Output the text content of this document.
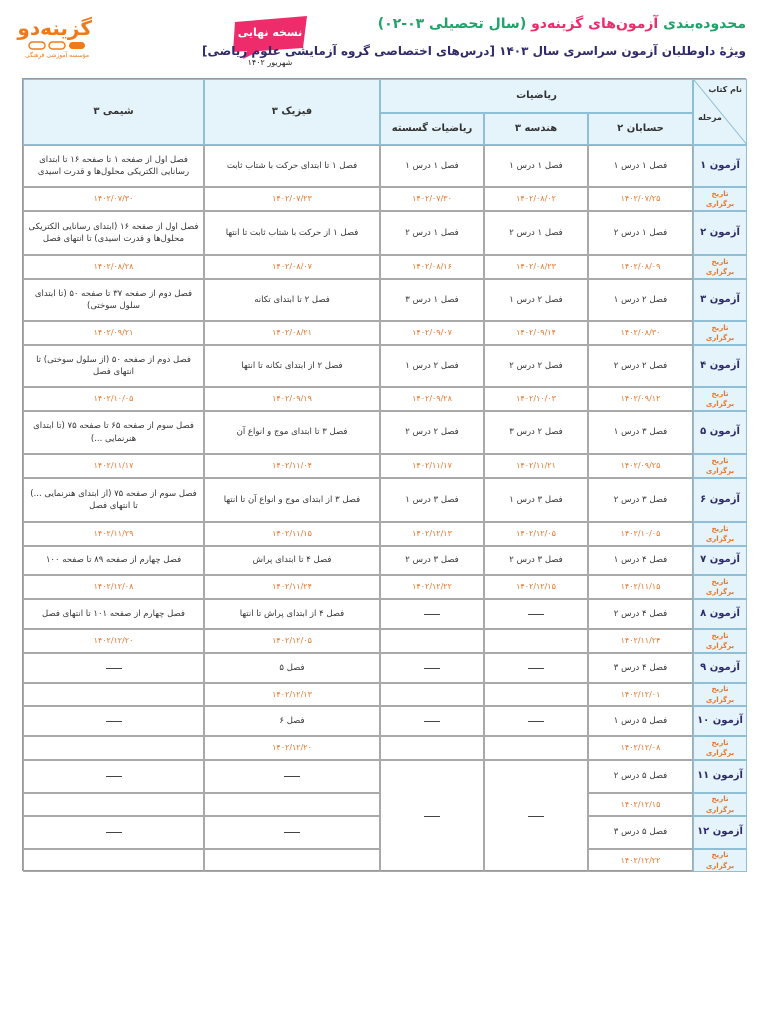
گزینه‌دو
مؤسسه آموزشی فرهنگی
نسخه نهایی
شهریور ۱۴۰۲
محدوده‌بندی آزمون‌های گزینه‌دو (سال تحصیلی ۰۳-۰۲)
ویژهٔ داوطلبان آزمون سراسری سال ۱۴۰۳ [درس‌های اختصاصی گروه آزمایشی علوم ریاضی]
نام کتاب
مرحله
ریاضیات
حسابان ۲
هندسه ۳
ریاضیات گسسته
فیزیک ۳
شیمی ۳
آزمون ۱
تاریخ برگزاری
فصل ۱ درس ۱
۱۴۰۲/۰۷/۲۵
فصل ۱ درس ۱
۱۴۰۲/۰۸/۰۲
فصل ۱ درس ۱
۱۴۰۲/۰۷/۳۰
فصل ۱ تا ابتدای حرکت با شتاب ثابت
۱۴۰۲/۰۷/۲۳
فصل اول از صفحه ۱ تا صفحه ۱۶ تا ابتدای رسانایی الکتریکی محلول‌ها و قدرت اسیدی
۱۴۰۲/۰۷/۳۰
آزمون ۲
تاریخ برگزاری
فصل ۱ درس ۲
۱۴۰۲/۰۸/۰۹
فصل ۱ درس ۲
۱۴۰۲/۰۸/۲۳
فصل ۱ درس ۲
۱۴۰۲/۰۸/۱۶
فصل ۱ از حرکت با شتاب ثابت تا انتها
۱۴۰۲/۰۸/۰۷
فصل اول از صفحه ۱۶ (ابتدای رسانایی الکتریکی محلول‌ها و قدرت اسیدی) تا انتهای فصل
۱۴۰۲/۰۸/۲۸
آزمون ۳
تاریخ برگزاری
فصل ۲ درس ۱
۱۴۰۲/۰۸/۳۰
فصل ۲ درس ۱
۱۴۰۲/۰۹/۱۴
فصل ۱ درس ۳
۱۴۰۲/۰۹/۰۷
فصل ۲ تا ابتدای تکانه
۱۴۰۲/۰۸/۲۱
فصل دوم از صفحه ۳۷ تا صفحه ۵۰ (تا ابتدای سلول سوختی)
۱۴۰۲/۰۹/۲۱
آزمون ۴
تاریخ برگزاری
فصل ۲ درس ۲
۱۴۰۲/۰۹/۱۲
فصل ۲ درس ۲
۱۴۰۲/۱۰/۰۳
فصل ۲ درس ۱
۱۴۰۲/۰۹/۲۸
فصل ۲ از ابتدای تکانه تا انتها
۱۴۰۲/۰۹/۱۹
فصل دوم از صفحه ۵۰ (از سلول سوختی) تا انتهای فصل
۱۴۰۲/۱۰/۰۵
آزمون ۵
تاریخ برگزاری
فصل ۳ درس ۱
۱۴۰۲/۰۹/۲۵
فصل ۲ درس ۳
۱۴۰۲/۱۱/۲۱
فصل ۲ درس ۲
۱۴۰۲/۱۱/۱۷
فصل ۳ تا ابتدای موج و انواع آن
۱۴۰۲/۱۱/۰۴
فصل سوم از صفحه ۶۵ تا صفحه ۷۵ (تا ابتدای هنرنمایی ...)
۱۴۰۲/۱۱/۱۷
آزمون ۶
تاریخ برگزاری
فصل ۳ درس ۲
۱۴۰۲/۱۰/۰۵
فصل ۳ درس ۱
۱۴۰۲/۱۲/۰۵
فصل ۳ درس ۱
۱۴۰۲/۱۲/۱۳
فصل ۳ از ابتدای موج و انواع آن تا انتها
۱۴۰۲/۱۱/۱۵
فصل سوم از صفحه ۷۵ (از ابتدای هنرنمایی ...) تا انتهای فصل
۱۴۰۲/۱۱/۲۹
آزمون ۷
تاریخ برگزاری
فصل ۴ درس ۱
۱۴۰۲/۱۱/۱۵
فصل ۳ درس ۲
۱۴۰۲/۱۲/۱۵
فصل ۳ درس ۲
۱۴۰۲/۱۲/۲۲
فصل ۴ تا ابتدای پراش
۱۴۰۲/۱۱/۲۴
فصل چهارم از صفحه ۸۹ تا صفحه ۱۰۰
۱۴۰۲/۱۲/۰۸
آزمون ۸
تاریخ برگزاری
فصل ۴ درس ۲
۱۴۰۲/۱۱/۲۴
فصل ۴ از ابتدای پراش تا انتها
۱۴۰۲/۱۲/۰۵
فصل چهارم از صفحه ۱۰۱ تا انتهای فصل
۱۴۰۲/۱۲/۲۰
آزمون ۹
تاریخ برگزاری
فصل ۴ درس ۳
۱۴۰۲/۱۲/۰۱
فصل ۵
۱۴۰۲/۱۲/۱۳
آزمون ۱۰
تاریخ برگزاری
فصل ۵ درس ۱
۱۴۰۲/۱۲/۰۸
فصل ۶
۱۴۰۲/۱۲/۲۰
آزمون ۱۱
تاریخ برگزاری
فصل ۵ درس ۲
۱۴۰۲/۱۲/۱۵
آزمون ۱۲
تاریخ برگزاری
فصل ۵ درس ۳
۱۴۰۲/۱۲/۲۲
